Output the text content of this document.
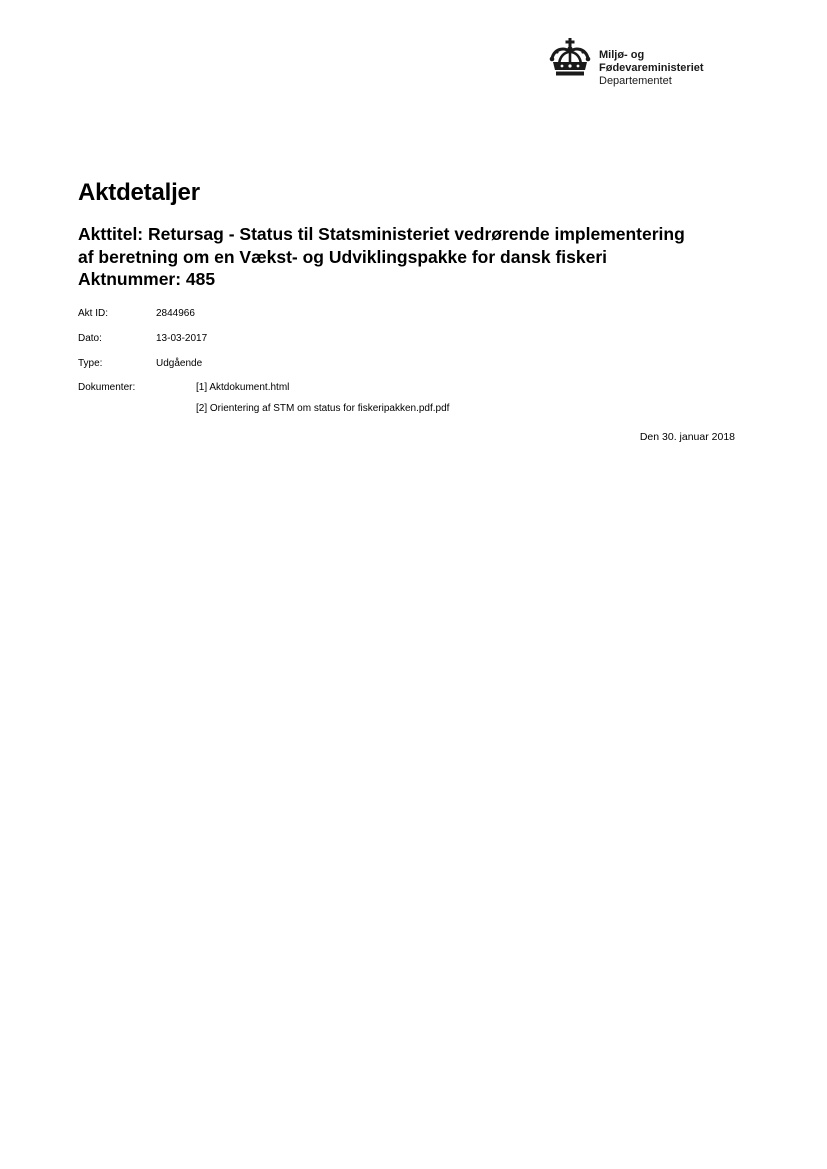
Miljø- og
Fødevareministeriet
Departementet
Aktdetaljer
Akttitel: Retursag - Status til Statsministeriet vedrørende implementering
af beretning om en Vækst- og Udviklingspakke for dansk fiskeri
Aktnummer: 485
Akt ID:	2844966
Dato:	13-03-2017
Type:	Udgående
Dokumenter:	[1] Aktdokument.html
[2] Orientering af STM om status for fiskeripakken.pdf.pdf
Den 30. januar 2018
